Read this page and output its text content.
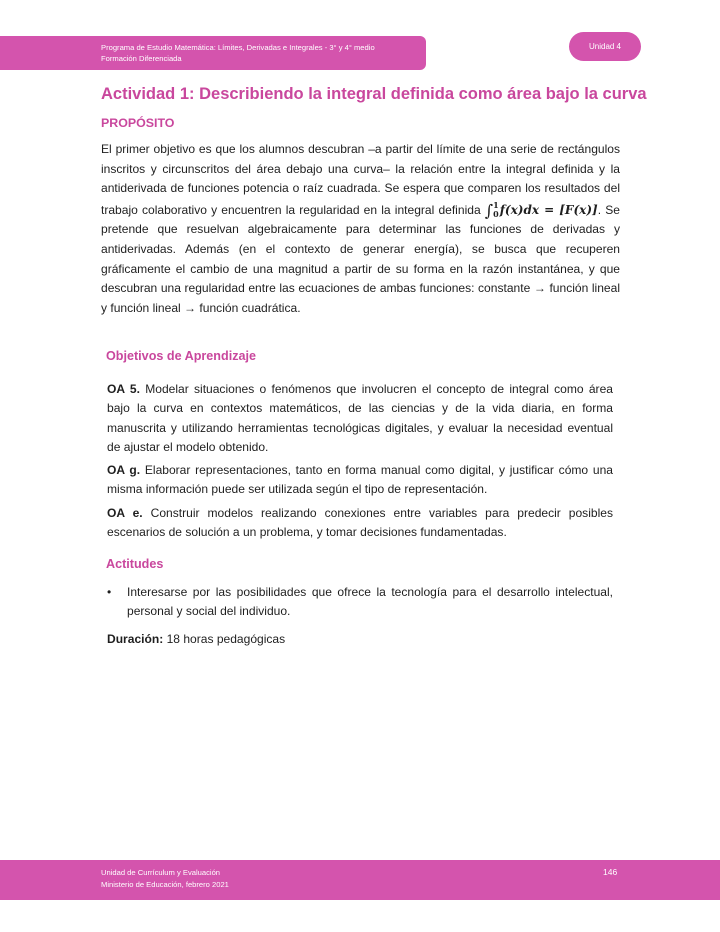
Programa de Estudio Matemática: Límites, Derivadas e Integrales - 3° y 4° medio
Formación Diferenciada
Unidad 4
Actividad 1: Describiendo la integral definida como área bajo la curva
PROPÓSITO
El primer objetivo es que los alumnos descubran –a partir del límite de una serie de rectángulos inscritos y circunscritos del área debajo una curva– la relación entre la integral definida y la antiderivada de funciones potencia o raíz cuadrada. Se espera que comparen los resultados del trabajo colaborativo y encuentren la regularidad en la integral definida ∫ 1
0 f(x)dx = [F(x)]. Se pretende que resuelvan algebraicamente para determinar las funciones de derivadas y antiderivadas. Además (en el contexto de generar energía), se busca que recuperen gráficamente el cambio de una magnitud a partir de su forma en la razón instantánea, y que descubran una regularidad entre las ecuaciones de ambas funciones: constante → función lineal y función lineal → función cuadrática.
Objetivos de Aprendizaje
OA 5. Modelar situaciones o fenómenos que involucren el concepto de integral como área bajo la curva en contextos matemáticos, de las ciencias y de la vida diaria, en forma manuscrita y utilizando herramientas tecnológicas digitales, y evaluar la necesidad eventual de ajustar el modelo obtenido.
OA g. Elaborar representaciones, tanto en forma manual como digital, y justificar cómo una misma información puede ser utilizada según el tipo de representación.
OA e. Construir modelos realizando conexiones entre variables para predecir posibles escenarios de solución a un problema, y tomar decisiones fundamentadas.
Actitudes
• Interesarse por las posibilidades que ofrece la tecnología para el desarrollo intelectual, personal y social del individuo.
Duración: 18 horas pedagógicas
Unidad de Currículum y Evaluación
Ministerio de Educación, febrero 2021
146
